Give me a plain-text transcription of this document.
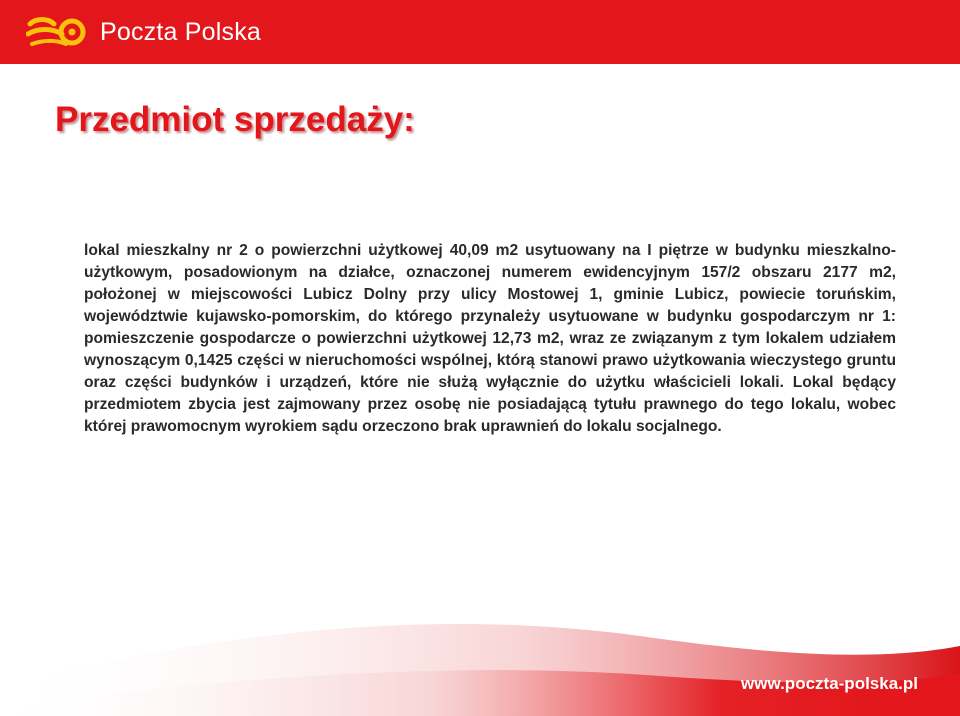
Poczta Polska
Przedmiot sprzedaży:

lokal mieszkalny nr 2 o powierzchni użytkowej 40,09 m2 usytuowany na I piętrze w budynku mieszkalno-użytkowym, posadowionym na działce, oznaczonej numerem ewidencyjnym 157/2 obszaru 2177 m2, położonej w miejscowości Lubicz Dolny przy ulicy Mostowej 1, gminie Lubicz, powiecie toruńskim, województwie kujawsko-pomorskim, do którego przynależy usytuowane w budynku gospodarczym nr 1: pomieszczenie gospodarcze o powierzchni użytkowej 12,73 m2, wraz ze związanym z tym lokalem udziałem wynoszącym 0,1425 części w nieruchomości wspólnej, którą stanowi prawo użytkowania wieczystego gruntu oraz części budynków i urządzeń, które nie służą wyłącznie do użytku właścicieli lokali. Lokal będący przedmiotem zbycia jest zajmowany przez osobę nie posiadającą tytułu prawnego do tego lokalu, wobec której prawomocnym wyrokiem sądu orzeczono brak uprawnień do lokalu socjalnego.

www.poczta-polska.pl
